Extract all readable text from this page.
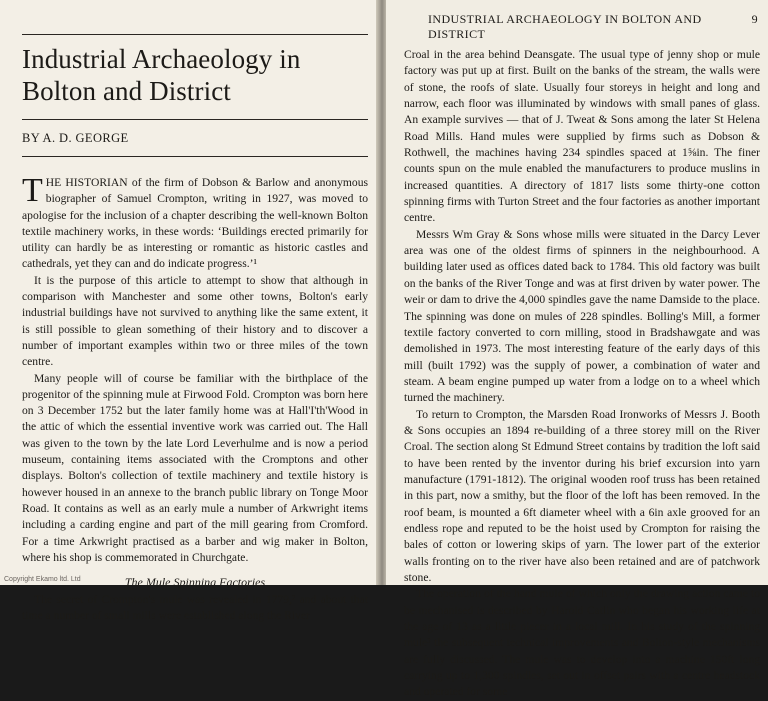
Industrial Archaeology in Bolton and District
BY A. D. GEORGE

THE HISTORIAN of the firm of Dobson & Barlow and anonymous biographer of Samuel Crompton, writing in 1927, was moved to apologise for the inclusion of a chapter describing the well-known Bolton textile machinery works, in these words: ‘Buildings erected primarily for utility can hardly be as interesting or romantic as historic castles and cathedrals, yet they can and do indicate progress.’¹

It is the purpose of this article to attempt to show that although in comparison with Manchester and some other towns, Bolton's early industrial buildings have not survived to anything like the same extent, it is still possible to glean something of their history and to discover a number of important examples within two or three miles of the town centre.

Many people will of course be familiar with the birthplace of the progenitor of the spinning mule at Firwood Fold. Crompton was born here on 3 December 1752 but the later family home was at Hall'I'th'Wood in the attic of which the essential inventive work was carried out. The Hall was given to the town by the late Lord Leverhulme and is now a period museum, containing items associated with the Cromptons and other displays. Bolton's collection of textile machinery and textile history is however housed in an annexe to the branch public library on Tonge Moor Road. It contains as well as an early mule a number of Arkwright items including a carding engine and part of the mill gearing from Cromford. For a time Arkwright practised as a barber and wig maker in Bolton, where his shop is commemorated in Churchgate.

The Mule Spinning Factories

The secret of Crompton's mule was revealed in 1779,² and about that time a number of small mills were established along the River

Copyright Ekamo ltd. Ltd
INDUSTRIAL ARCHAEOLOGY IN BOLTON AND DISTRICT
9

Croal in the area behind Deansgate. The usual type of jenny shop or mule factory was put up at first. Built on the banks of the stream, the walls were of stone, the roofs of slate. Usually four storeys in height and long and narrow, each floor was illuminated by windows with small panes of glass. An example survives — that of J. Tweat & Sons among the later St Helena Road Mills. Hand mules were supplied by firms such as Dobson & Rothwell, the machines having 234 spindles spaced at 1⅝in. The finer counts spun on the mule enabled the manufacturers to produce muslins in increased quantities. A directory of 1817 lists some thirty-one cotton spinning firms with Turton Street and the four factories as another important centre.

Messrs Wm Gray & Sons whose mills were situated in the Darcy Lever area was one of the oldest firms of spinners in the neighbourhood. A building later used as offices dated back to 1784. This old factory was built on the banks of the River Tonge and was at first driven by water power. The weir or dam to drive the 4,000 spindles gave the name Damside to the place. The spinning was done on mules of 228 spindles. Bolling's Mill, a former textile factory converted to corn milling, stood in Bradshawgate and was demolished in 1973. The most interesting feature of the early days of this mill (built 1792) was the supply of power, a combination of water and steam. A beam engine pumped up water from a lodge on to a wheel which turned the machinery.

To return to Crompton, the Marsden Road Ironworks of Messrs J. Booth & Sons occupies an 1894 re-building of a three storey mill on the River Croal. The section along St Edmund Street contains by tradition the loft said to have been rented by the inventor during his brief excursion into yarn manufacture (1791-1812). The original wooden roof truss has been retained in this part, now a smithy, but the floor of the loft has been removed. In the roof beam, is mounted a 6ft diameter wheel with a 6in axle grooved for an endless rope and reputed to be the hoist used by Crompton for raising the bales of cotton or lowering skips of yarn. The lower part of the exterior walls fronting on to the river have also been retained and are of patchwork stone.

The operation of the hand mule of which only the drawing action came to be mechanised is described by Harold Catlin who began his working life at the age of 13 as a little piecer in a local mill. In his study of the spinning mule³ the subsequent technical improvements and Bolton-style mechanisms are fully discussed. The mule was to develop into a machine 150ft long carrying up to 1,300 spindles, set out in offset pairs with a centre headstock and operated for some
